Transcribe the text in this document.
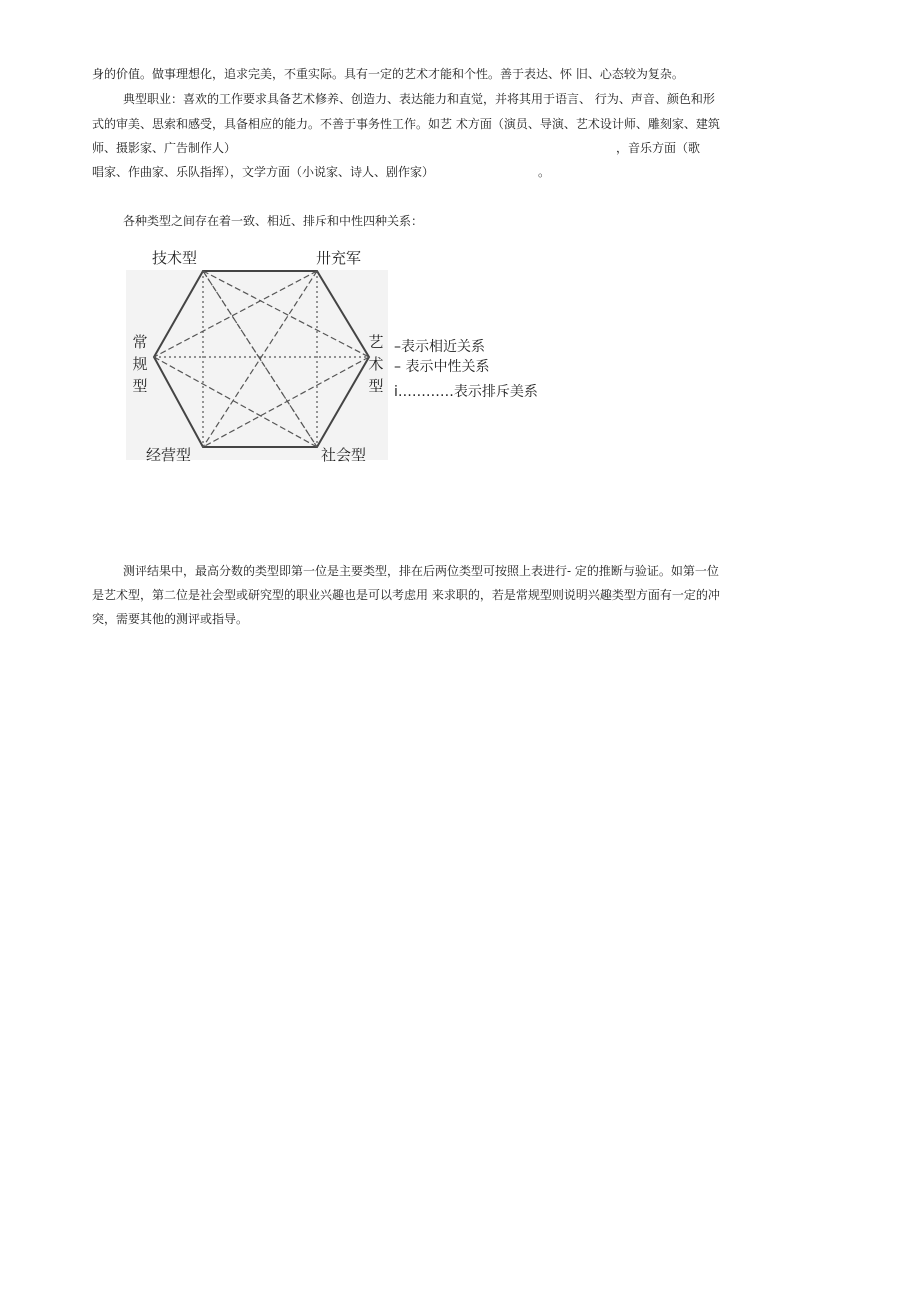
身的价值。做事理想化，追求完美，不重实际。具有一定的艺术才能和个性。善于表达、怀 旧、心态较为复杂。
典型职业：喜欢的工作要求具备艺术修养、创造力、表达能力和直觉，并将其用于语言、 行为、声音、颜色和形
式的审美、思索和感受，具备相应的能力。不善于事务性工作。如艺 术方面（演员、导演、艺术设计师、雕刻家、建筑
师、摄影家、广告制作人）	，音乐方面（歌
唱家、作曲家、乐队指挥），文学方面（小说家、诗人、剧作家）	。
各种类型之间存在着一致、相近、排斥和中性四种关系：
技术型	卅充军
常规型
艺术型
经营型	社会型
–表示相近关系
– 表示中性关系
i…………表示排斥美系
测评结果中，最高分数的类型即第一位是主要类型，排在后两位类型可按照上表进行- 定的推断与验证。如第一位
是艺术型，第二位是社会型或研究型的职业兴趣也是可以考虑用 来求职的，若是常规型则说明兴趣类型方面有一定的冲
突，需要其他的测评或指导。
